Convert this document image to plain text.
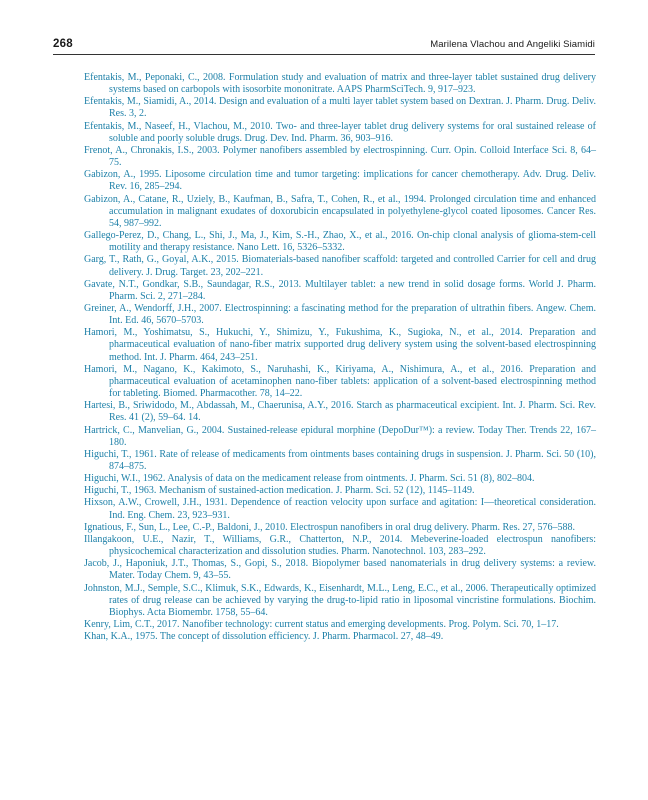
268	Marilena Vlachou and Angeliki Siamidi

Efentakis, M., Peponaki, C., 2008. Formulation study and evaluation of matrix and three-layer tablet sustained drug delivery systems based on carbopols with isosorbite mononitrate. AAPS PharmSciTech. 9, 917–923.

Efentakis, M., Siamidi, A., 2014. Design and evaluation of a multi layer tablet system based on Dextran. J. Pharm. Drug. Deliv. Res. 3, 2.

Efentakis, M., Naseef, H., Vlachou, M., 2010. Two- and three-layer tablet drug delivery systems for oral sustained release of soluble and poorly soluble drugs. Drug. Dev. Ind. Pharm. 36, 903–916.

Frenot, A., Chronakis, I.S., 2003. Polymer nanofibers assembled by electrospinning. Curr. Opin. Colloid Interface Sci. 8, 64–75.

Gabizon, A., 1995. Liposome circulation time and tumor targeting: implications for cancer chemotherapy. Adv. Drug. Deliv. Rev. 16, 285–294.

Gabizon, A., Catane, R., Uziely, B., Kaufman, B., Safra, T., Cohen, R., et al., 1994. Prolonged circulation time and enhanced accumulation in malignant exudates of doxorubicin encapsulated in polyethylene-glycol coated liposomes. Cancer Res. 54, 987–992.

Gallego-Perez, D., Chang, L., Shi, J., Ma, J., Kim, S.-H., Zhao, X., et al., 2016. On-chip clonal analysis of glioma-stem-cell motility and therapy resistance. Nano Lett. 16, 5326–5332.

Garg, T., Rath, G., Goyal, A.K., 2015. Biomaterials-based nanofiber scaffold: targeted and controlled Carrier for cell and drug delivery. J. Drug. Target. 23, 202–221.

Gavate, N.T., Gondkar, S.B., Saundagar, R.S., 2013. Multilayer tablet: a new trend in solid dosage forms. World J. Pharm. Pharm. Sci. 2, 271–284.

Greiner, A., Wendorff, J.H., 2007. Electrospinning: a fascinating method for the preparation of ultrathin fibers. Angew. Chem. Int. Ed. 46, 5670–5703.

Hamori, M., Yoshimatsu, S., Hukuchi, Y., Shimizu, Y., Fukushima, K., Sugioka, N., et al., 2014. Preparation and pharmaceutical evaluation of nano-fiber matrix supported drug delivery system using the solvent-based electrospinning method. Int. J. Pharm. 464, 243–251.

Hamori, M., Nagano, K., Kakimoto, S., Naruhashi, K., Kiriyama, A., Nishimura, A., et al., 2016. Preparation and pharmaceutical evaluation of acetaminophen nano-fiber tablets: application of a solvent-based electrospinning method for tableting. Biomed. Pharmacother. 78, 14–22.

Hartesi, B., Sriwidodo, M., Abdassah, M., Chaerunisa, A.Y., 2016. Starch as pharmaceutical excipient. Int. J. Pharm. Sci. Rev. Res. 41 (2), 59–64. 14.

Hartrick, C., Manvelian, G., 2004. Sustained-release epidural morphine (DepoDur™): a review. Today Ther. Trends 22, 167–180.

Higuchi, T., 1961. Rate of release of medicaments from ointments bases containing drugs in suspension. J. Pharm. Sci. 50 (10), 874–875.

Higuchi, W.I., 1962. Analysis of data on the medicament release from ointments. J. Pharm. Sci. 51 (8), 802–804.

Higuchi, T., 1963. Mechanism of sustained-action medication. J. Pharm. Sci. 52 (12), 1145–1149.

Hixson, A.W., Crowell, J.H., 1931. Dependence of reaction velocity upon surface and agitation: I—theoretical consideration. Ind. Eng. Chem. 23, 923–931.

Ignatious, F., Sun, L., Lee, C.-P., Baldoni, J., 2010. Electrospun nanofibers in oral drug delivery. Pharm. Res. 27, 576–588.

Illangakoon, U.E., Nazir, T., Williams, G.R., Chatterton, N.P., 2014. Mebeverine-loaded electrospun nanofibers: physicochemical characterization and dissolution studies. Pharm. Nanotechnol. 103, 283–292.

Jacob, J., Haponiuk, J.T., Thomas, S., Gopi, S., 2018. Biopolymer based nanomaterials in drug delivery systems: a review. Mater. Today Chem. 9, 43–55.

Johnston, M.J., Semple, S.C., Klimuk, S.K., Edwards, K., Eisenhardt, M.L., Leng, E.C., et al., 2006. Therapeutically optimized rates of drug release can be achieved by varying the drug-to-lipid ratio in liposomal vincristine formulations. Biochim. Biophys. Acta Biomembr. 1758, 55–64.

Kenry, Lim, C.T., 2017. Nanofiber technology: current status and emerging developments. Prog. Polym. Sci. 70, 1–17.

Khan, K.A., 1975. The concept of dissolution efficiency. J. Pharm. Pharmacol. 27, 48–49.
